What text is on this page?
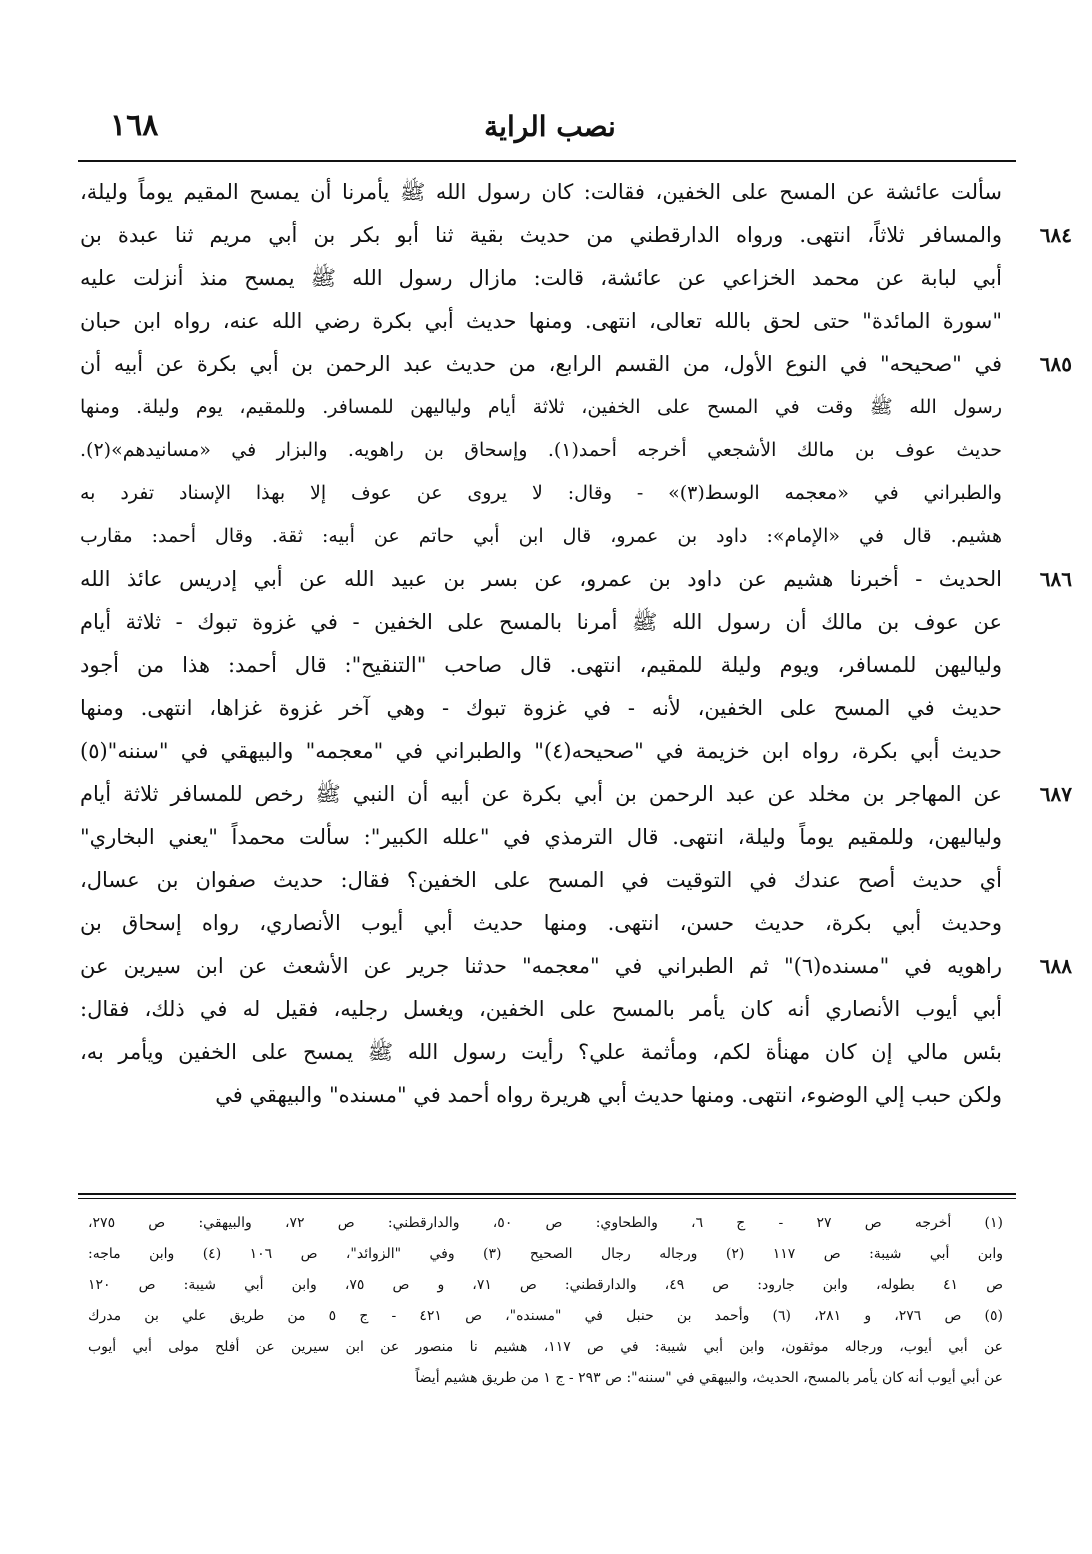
١٦٨	نصب الراية
سألت عائشة عن المسح على الخفين، فقالت: كان رسول الله ﷺ يأمرنا أن يمسح المقيم يوماً وليلة،
والمسافر ثلاثاً، انتهى. ورواه الدارقطني من حديث بقية ثنا أبو بكر بن أبي مريم ثنا عبدة بن	٦٨٤
أبي لبابة عن محمد الخزاعي عن عائشة، قالت: مازال رسول الله ﷺ يمسح منذ أنزلت عليه
"سورة المائدة" حتى لحق بالله تعالى، انتهى. ومنها حديث أبي بكرة رضي الله عنه، رواه ابن حبان
في "صحيحه" في النوع الأول، من القسم الرابع، من حديث عبد الرحمن بن أبي بكرة عن أبيه أن	٦٨٥
رسول الله ﷺ وقت في المسح على الخفين، ثلاثة أيام ولياليهن للمسافر. وللمقيم، يوم وليلة. ومنها
حديث عوف بن مالك الأشجعي أخرجه أحمد(١). وإسحاق بن راهويه. والبزار في «مسانيدهم»(٢).
والطبراني في «معجمه الوسط(٣)» - وقال: لا يروى عن عوف إلا بهذا الإسناد تفرد به
هشيم. قال في «الإمام»: داود بن عمرو، قال ابن أبي حاتم عن أبيه: ثقة. وقال أحمد: مقارب
الحديث - أخبرنا هشيم عن داود بن عمرو، عن بسر بن عبيد الله عن أبي إدريس عائذ الله	٦٨٦
عن عوف بن مالك أن رسول الله ﷺ أمرنا بالمسح على الخفين - في غزوة تبوك - ثلاثة أيام
ولياليهن للمسافر، ويوم وليلة للمقيم، انتهى. قال صاحب "التنقيح": قال أحمد: هذا من أجود
حديث في المسح على الخفين، لأنه - في غزوة تبوك - وهي آخر غزوة غزاها، انتهى. ومنها
حديث أبي بكرة، رواه ابن خزيمة في "صحيحه(٤)" والطبراني في "معجمه" والبيهقي في "سننه"(٥)
عن المهاجر بن مخلد عن عبد الرحمن بن أبي بكرة عن أبيه أن النبي ﷺ رخص للمسافر ثلاثة أيام	٦٨٧
ولياليهن، وللمقيم يوماً وليلة، انتهى. قال الترمذي في "علله الكبير": سألت محمداً "يعني البخاري"
أي حديث أصح عندك في التوقيت في المسح على الخفين؟ فقال: حديث صفوان بن عسال،
وحديث أبي بكرة، حديث حسن، انتهى. ومنها حديث أبي أيوب الأنصاري، رواه إسحاق بن
راهويه في "مسنده(٦)" ثم الطبراني في "معجمه" حدثنا جرير عن الأشعث عن ابن سيرين عن	٦٨٨
أبي أيوب الأنصاري أنه كان يأمر بالمسح على الخفين، ويغسل رجليه، فقيل له في ذلك، فقال:
بئس مالي إن كان مهنأة لكم، ومأثمة علي؟ رأيت رسول الله ﷺ يمسح على الخفين ويأمر به،
ولكن حبب إلي الوضوء، انتهى. ومنها حديث أبي هريرة رواه أحمد في "مسنده" والبيهقي في
(١) أخرجه ص ٢٧ - ج ٦، والطحاوي: ص ٥٠، والدارقطني: ص ٧٢، والبيهقي: ص ٢٧٥،
وابن أبي شيبة: ص ١١٧ (٢) ورجاله رجال الصحيح (٣) وفي "الزوائد"، ص ١٠٦ (٤) وابن ماجه:
ص ٤١ بطوله، وابن جارود: ص ٤٩، والدارقطني: ص ٧١، و ص ٧٥، وابن أبي شيبة: ص ١٢٠
(٥) ص ٢٧٦، و ٢٨١، (٦) وأحمد بن حنبل في "مسنده"، ص ٤٢١ - ج ٥ من طريق علي بن مدرك
عن أبي أيوب، ورجاله موثقون، وابن أبي شيبة: في ص ١١٧، هشيم نا منصور عن ابن سيرين عن أفلح مولى أبي أيوب
عن أبي أيوب أنه كان يأمر بالمسح، الحديث، والبيهقي في "سننه": ص ٢٩٣ - ج ١ من طريق هشيم أيضاً
